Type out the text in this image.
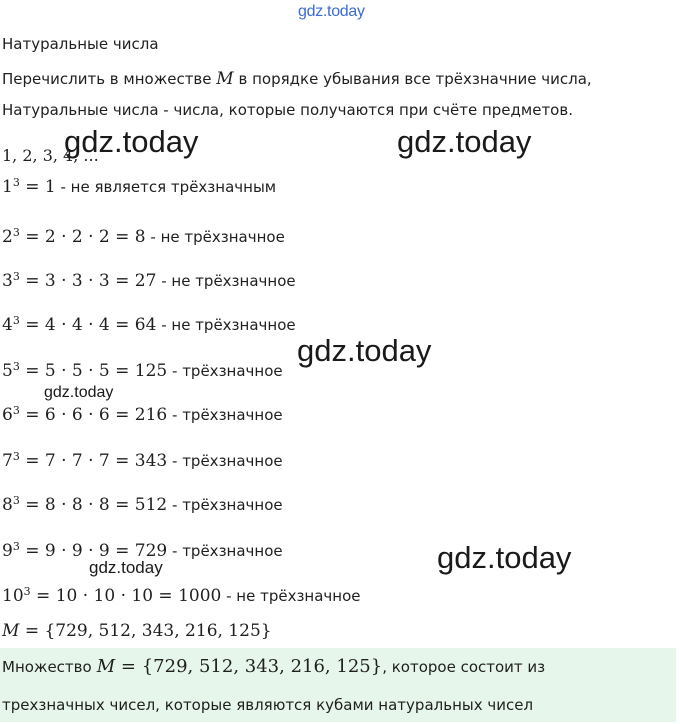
gdz.today
Натуральные числа
Перечислить в множестве M в порядке убывания все трёхзначние числа,
Натуральные числа - числа, которые получаются при счёте предметов.
1, 2, 3, 4, ...
$1^3 = 1$ - не является трёхзначным
$2^3 = 2 \cdot 2 \cdot 2 = 8$ - не трёхзначное
$3^3 = 3 \cdot 3 \cdot 3 = 27$ - не трёхзначное
$4^3 = 4 \cdot 4 \cdot 4 = 64$ - не трёхзначное
$5^3 = 5 \cdot 5 \cdot 5 = 125$ - трёхзначное
$6^3 = 6 \cdot 6 \cdot 6 = 216$ - трёхзначное
$7^3 = 7 \cdot 7 \cdot 7 = 343$ - трёхзначное
$8^3 = 8 \cdot 8 \cdot 8 = 512$ - трёхзначное
$9^3 = 9 \cdot 9 \cdot 9 = 729$ - трёхзначное
$10^3 = 10 \cdot 10 \cdot 10 = 1000$ - не трёхзначное
M = {729, 512, 343, 216, 125}
Множество M = {729, 512, 343, 216, 125}, которое состоит из
трехзначных чисел, которые являются кубами натуральных чисел
gdz.today	gdz.today
gdz.today
gdz.today
gdz.today
gdz.today
